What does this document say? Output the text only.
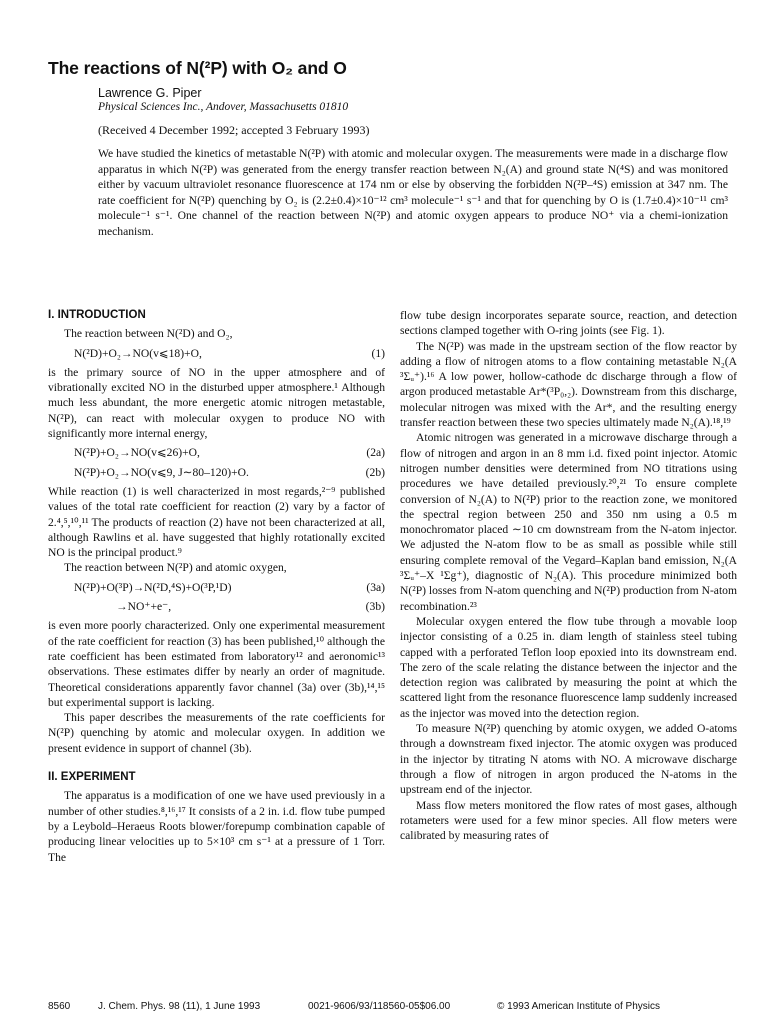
The reactions of N(²P) with O₂ and O
Lawrence G. Piper
Physical Sciences Inc., Andover, Massachusetts 01810
(Received 4 December 1992; accepted 3 February 1993)

We have studied the kinetics of metastable N(²P) with atomic and molecular oxygen. The measurements were made in a discharge flow apparatus in which N(²P) was generated from the energy transfer reaction between N₂(A) and ground state N(⁴S) and was monitored either by vacuum ultraviolet resonance fluorescence at 174 nm or else by observing the forbidden N(²P–⁴S) emission at 347 nm. The rate coefficient for N(²P) quenching by O₂ is (2.2±0.4)×10⁻¹² cm³ molecule⁻¹ s⁻¹ and that for quenching by O is (1.7±0.4)×10⁻¹¹ cm³ molecule⁻¹ s⁻¹. One channel of the reaction between N(²P) and atomic oxygen appears to produce NO⁺ via a chemi-ionization mechanism.

I. INTRODUCTION

The reaction between N(²D) and O₂,

N(²D)+O₂→NO(v⩽18)+O,	(1)

is the primary source of NO in the upper atmosphere and of vibrationally excited NO in the disturbed upper atmosphere.¹ Although much less abundant, the more energetic atomic nitrogen metastable, N(²P), can react with molecular oxygen to produce NO with significantly more internal energy,

N(²P)+O₂→NO(v⩽26)+O,	(2a)
N(²P)+O₂→NO(v⩽9, J∼80–120)+O.	(2b)

While reaction (1) is well characterized in most regards,²⁻⁹ published values of the total rate coefficient for reaction (2) vary by a factor of 2.⁴,⁵,¹⁰,¹¹ The products of reaction (2) have not been characterized at all, although Rawlins et al. have suggested that highly rotationally excited NO is the principal product.⁹

The reaction between N(²P) and atomic oxygen,

N(²P)+O(³P)→N(²D,⁴S)+O(³P,¹D)	(3a)
→NO⁺+e⁻,	(3b)

is even more poorly characterized. Only one experimental measurement of the rate coefficient for reaction (3) has been published,¹⁰ although the rate coefficient has been estimated from laboratory¹² and aeronomic¹³ observations. These estimates differ by nearly an order of magnitude. Theoretical considerations apparently favor channel (3a) over (3b),¹⁴,¹⁵ but experimental support is lacking.

This paper describes the measurements of the rate coefficients for N(²P) quenching by atomic and molecular oxygen. In addition we present evidence in support of channel (3b).

II. EXPERIMENT

The apparatus is a modification of one we have used previously in a number of other studies.⁸,¹⁶,¹⁷ It consists of a 2 in. i.d. flow tube pumped by a Leybold–Heraeus Roots blower/forepump combination capable of producing linear velocities up to 5×10³ cm s⁻¹ at a pressure of 1 Torr. The

flow tube design incorporates separate source, reaction, and detection sections clamped together with O-ring joints (see Fig. 1).

The N(²P) was made in the upstream section of the flow reactor by adding a flow of nitrogen atoms to a flow containing metastable N₂(A ³Σᵤ⁺).¹⁶ A low power, hollow-cathode dc discharge through a flow of argon produced metastable Ar*(³P₀,₂). Downstream from this discharge, molecular nitrogen was mixed with the Ar*, and the resulting energy transfer reaction between these two species ultimately made N₂(A).¹⁸,¹⁹

Atomic nitrogen was generated in a microwave discharge through a flow of nitrogen and argon in an 8 mm i.d. fixed point injector. Atomic nitrogen number densities were determined from NO titrations using procedures we have detailed previously.²⁰,²¹ To ensure complete conversion of N₂(A) to N(²P) prior to the reaction zone, we monitored the spectral region between 250 and 350 nm using a 0.5 m monochromator placed ∼10 cm downstream from the N-atom injector. We adjusted the N-atom flow to be as small as possible while still ensuring complete removal of the Vegard–Kaplan band emission, N₂(A ³Σᵤ⁺–X ¹Σg⁺), diagnostic of N₂(A). This procedure minimized both N(²P) losses from N-atom quenching and N(²P) production from N-atom recombination.²³

Molecular oxygen entered the flow tube through a movable loop injector consisting of a 0.25 in. diam length of stainless steel tubing capped with a perforated Teflon loop epoxied into its downstream end. The zero of the scale relating the distance between the injector and the detection region was calibrated by measuring the point at which the scattered light from the resonance fluorescence lamp suddenly increased as the injector was moved into the detection region.

To measure N(²P) quenching by atomic oxygen, we added O-atoms through a downstream fixed injector. The atomic oxygen was produced in the injector by titrating N atoms with NO. A microwave discharge through a flow of nitrogen in argon produced the N-atoms in the upstream end of the injector.

Mass flow meters monitored the flow rates of most gases, although rotameters were used for a few minor species. All flow meters were calibrated by measuring rates of

8560	J. Chem. Phys. 98 (11), 1 June 1993	0021-9606/93/118560-05$06.00	© 1993 American Institute of Physics
